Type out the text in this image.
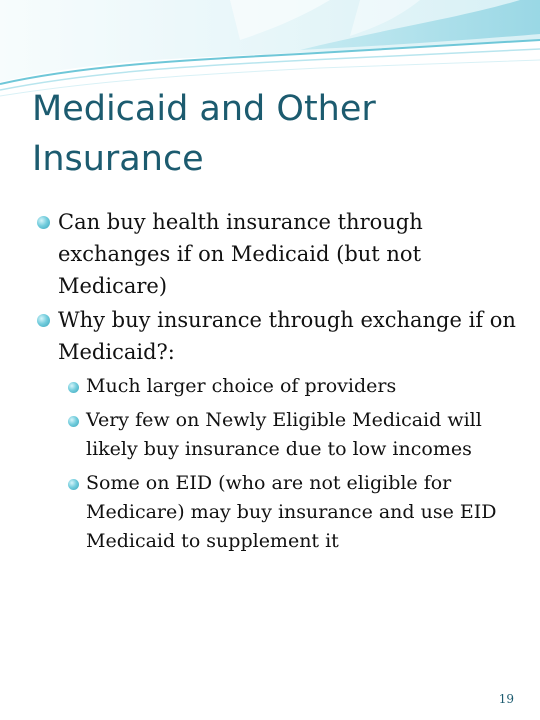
Medicaid and Other Insurance
Can buy health insurance through exchanges if on Medicaid (but not Medicare)
Why buy insurance through exchange if on Medicaid?:
Much larger choice of providers
Very few on Newly Eligible Medicaid will likely buy insurance due to low incomes
Some on EID (who are not eligible for Medicare) may buy insurance and use EID Medicaid to supplement it
19
